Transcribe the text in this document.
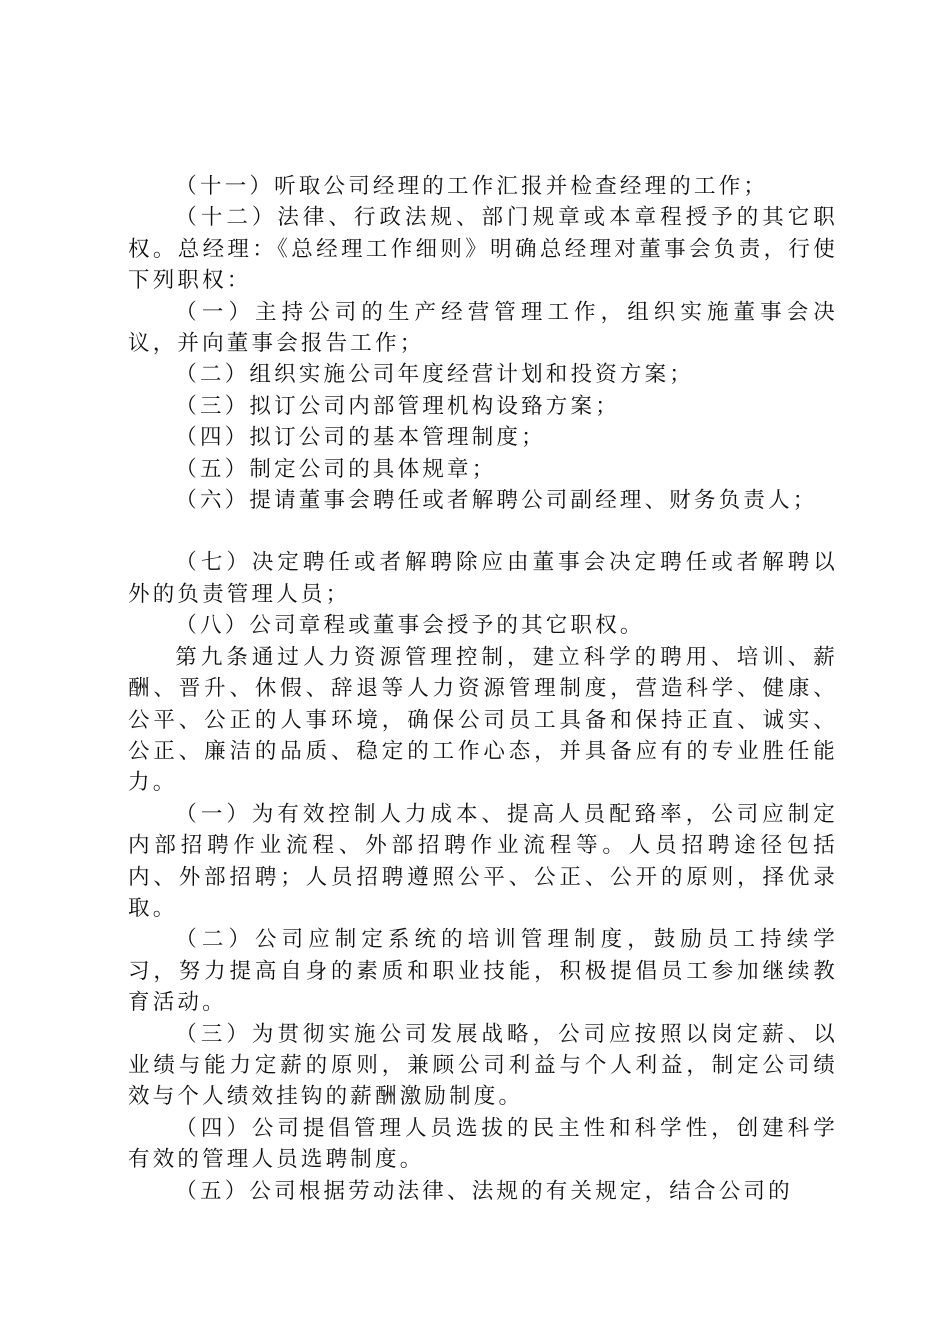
（十一）听取公司经理的工作汇报并检查经理的工作；

（十二）法律、行政法规、部门规章或本章程授予的其它职权。总经理：《总经理工作细则》明确总经理对董事会负责，行使下列职权：

（一）主持公司的生产经营管理工作，组织实施董事会决议，并向董事会报告工作；

（二）组织实施公司年度经营计划和投资方案；

（三）拟订公司内部管理机构设臵方案；

（四）拟订公司的基本管理制度；

（五）制定公司的具体规章；

（六）提请董事会聘任或者解聘公司副经理、财务负责人；

（七）决定聘任或者解聘除应由董事会决定聘任或者解聘以外的负责管理人员；

（八）公司章程或董事会授予的其它职权。

第九条通过人力资源管理控制，建立科学的聘用、培训、薪酬、晋升、休假、辞退等人力资源管理制度，营造科学、健康、公平、公正的人事环境，确保公司员工具备和保持正直、诚实、公正、廉洁的品质、稳定的工作心态，并具备应有的专业胜任能力。

（一）为有效控制人力成本、提高人员配臵率，公司应制定内部招聘作业流程、外部招聘作业流程等。人员招聘途径包括内、外部招聘；人员招聘遵照公平、公正、公开的原则，择优录取。

（二）公司应制定系统的培训管理制度，鼓励员工持续学习，努力提高自身的素质和职业技能，积极提倡员工参加继续教育活动。

（三）为贯彻实施公司发展战略，公司应按照以岗定薪、以业绩与能力定薪的原则，兼顾公司利益与个人利益，制定公司绩效与个人绩效挂钩的薪酬激励制度。

（四）公司提倡管理人员选拔的民主性和科学性，创建科学有效的管理人员选聘制度。

（五）公司根据劳动法律、法规的有关规定，结合公司的
